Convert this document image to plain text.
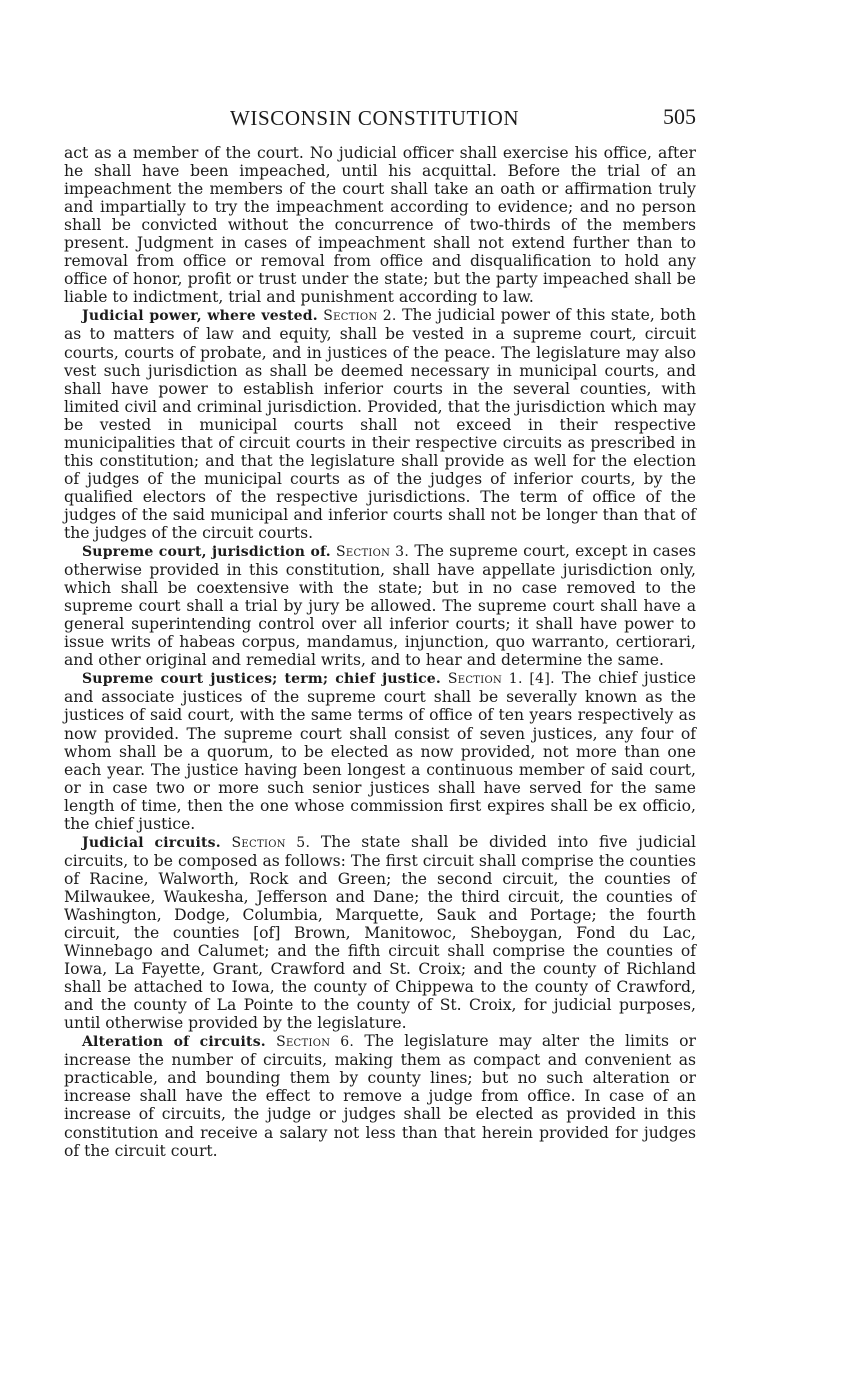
WISCONSIN CONSTITUTION	505

act as a member of the court. No judicial officer shall exercise his office, after he shall have been impeached, until his acquittal. Before the trial of an impeachment the members of the court shall take an oath or affirmation truly and impartially to try the impeachment according to evidence; and no person shall be convicted without the concurrence of two-thirds of the members present. Judgment in cases of impeachment shall not extend further than to removal from office or removal from office and disqualification to hold any office of honor, profit or trust under the state; but the party impeached shall be liable to indictment, trial and punishment according to law.

Judicial power, where vested. Section 2. The judicial power of this state, both as to matters of law and equity, shall be vested in a supreme court, circuit courts, courts of probate, and in justices of the peace. The legislature may also vest such jurisdiction as shall be deemed necessary in municipal courts, and shall have power to establish inferior courts in the several counties, with limited civil and criminal jurisdiction. Provided, that the jurisdiction which may be vested in municipal courts shall not exceed in their respective municipalities that of circuit courts in their respective circuits as prescribed in this constitution; and that the legislature shall provide as well for the election of judges of the municipal courts as of the judges of inferior courts, by the qualified electors of the respective jurisdictions. The term of office of the judges of the said municipal and inferior courts shall not be longer than that of the judges of the circuit courts.

Supreme court, jurisdiction of. Section 3. The supreme court, except in cases otherwise provided in this constitution, shall have appellate jurisdiction only, which shall be coextensive with the state; but in no case removed to the supreme court shall a trial by jury be allowed. The supreme court shall have a general superintending control over all inferior courts; it shall have power to issue writs of habeas corpus, mandamus, injunction, quo warranto, certiorari, and other original and remedial writs, and to hear and determine the same.

Supreme court justices; term; chief justice. Section 1. [4]. The chief justice and associate justices of the supreme court shall be severally known as the justices of said court, with the same terms of office of ten years respectively as now provided. The supreme court shall consist of seven justices, any four of whom shall be a quorum, to be elected as now provided, not more than one each year. The justice having been longest a continuous member of said court, or in case two or more such senior justices shall have served for the same length of time, then the one whose commission first expires shall be ex officio, the chief justice.

Judicial circuits. Section 5. The state shall be divided into five judicial circuits, to be composed as follows: The first circuit shall comprise the counties of Racine, Walworth, Rock and Green; the second circuit, the counties of Milwaukee, Waukesha, Jefferson and Dane; the third circuit, the counties of Washington, Dodge, Columbia, Marquette, Sauk and Portage; the fourth circuit, the counties [of] Brown, Manitowoc, Sheboygan, Fond du Lac, Winnebago and Calumet; and the fifth circuit shall comprise the counties of Iowa, La Fayette, Grant, Crawford and St. Croix; and the county of Richland shall be attached to Iowa, the county of Chippewa to the county of Crawford, and the county of La Pointe to the county of St. Croix, for judicial purposes, until otherwise provided by the legislature.

Alteration of circuits. Section 6. The legislature may alter the limits or increase the number of circuits, making them as compact and convenient as practicable, and bounding them by county lines; but no such alteration or increase shall have the effect to remove a judge from office. In case of an increase of circuits, the judge or judges shall be elected as provided in this constitution and receive a salary not less than that herein provided for judges of the circuit court.
